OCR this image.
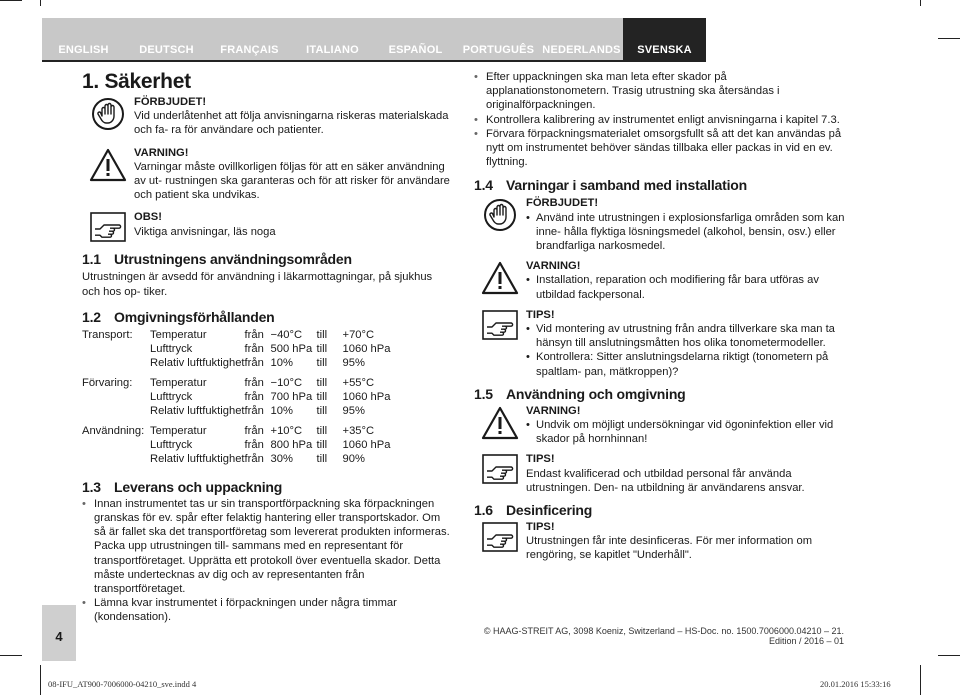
ENGLISH	DEUTSCH	FRANÇAIS	ITALIANO	ESPAÑOL	PORTUGUÊS NEDERLANDS	SVENSKA
1. Säkerhet
FÖRBJUDET!
Vid underlåtenhet att följa anvisningarna riskeras materialskada och fa- ra för användare och patienter.
VARNING!
Varningar måste ovillkorligen följas för att en säker användning av ut- rustningen ska garanteras och för att risker för användare och patient ska undvikas.
OBS!
Viktiga anvisningar, läs noga
1.1 Utrustningens användningsområden

Utrustningen är avsedd för användning i läkarmottagningar, på sjukhus och hos op- tiker.

1.2 Omgivningsförhållanden
Transport:	Temperatur	från	−40°C	till	+70°C
	Lufttryck	från	500 hPa	till	1060 hPa
	Relativ luftfuktighet	från	10%	till	95%

Förvaring:	Temperatur	från	−10°C	till	+55°C
	Lufttryck	från	700 hPa	till	1060 hPa
	Relativ luftfuktighet	från	10%	till	95%

Användning:	Temperatur	från	+10°C	till	+35°C
	Lufttryck	från	800 hPa	till	1060 hPa
	Relativ luftfuktighet	från	30%	till	90%
1.3 Leverans och uppackning
• Innan instrumentet tas ur sin transportförpackning ska förpackningen granskas för ev. spår efter felaktig hantering eller transportskador. Om så är fallet ska det transportföretag som levererat produkten informeras. Packa upp utrustningen till- sammans med en representant för transportföretaget. Upprätta ett protokoll över eventuella skador. Detta måste undertecknas av dig och av representanten från transportföretaget.
• Lämna kvar instrumentet i förpackningen under några timmar (kondensation).
• Efter uppackningen ska man leta efter skador på applanationstonometern. Trasig utrustning ska återsändas i originalförpackningen.
• Kontrollera kalibrering av instrumentet enligt anvisningarna i kapitel 7.3.
• Förvara förpackningsmaterialet omsorgsfullt så att det kan användas på nytt om instrumentet behöver sändas tillbaka eller packas in vid en ev. flyttning.
1.4 Varningar i samband med installation
FÖRBJUDET!
• Använd inte utrustningen i explosionsfarliga områden som kan inne- hålla flyktiga lösningsmedel (alkohol, bensin, osv.) eller brandfarliga narkosmedel.
VARNING!
• Installation, reparation och modifiering får bara utföras av utbildad fackpersonal.
TIPS!
• Vid montering av utrustning från andra tillverkare ska man ta hänsyn till anslutningsmåtten hos olika tonometermodeller.
• Kontrollera: Sitter anslutningsdelarna riktigt (tonometern på spaltlam- pan, mätkroppen)?
1.5 Användning och omgivning
VARNING!
• Undvik om möjligt undersökningar vid ögoninfektion eller vid skador på hornhinnan!
TIPS!
Endast kvalificerad och utbildad personal får använda utrustningen. Den- na utbildning är användarens ansvar.
1.6 Desinficering
TIPS!
Utrustningen får inte desinficeras. För mer information om rengöring, se kapitlet "Underhåll".
4	© HAAG-STREIT AG, 3098 Koeniz, Switzerland – HS-Doc. no. 1500.7006000.04210 – 21. Edition / 2016 – 01
08-IFU_AT900-7006000-04210_sve.indd 4	20.01.2016 15:33:16
